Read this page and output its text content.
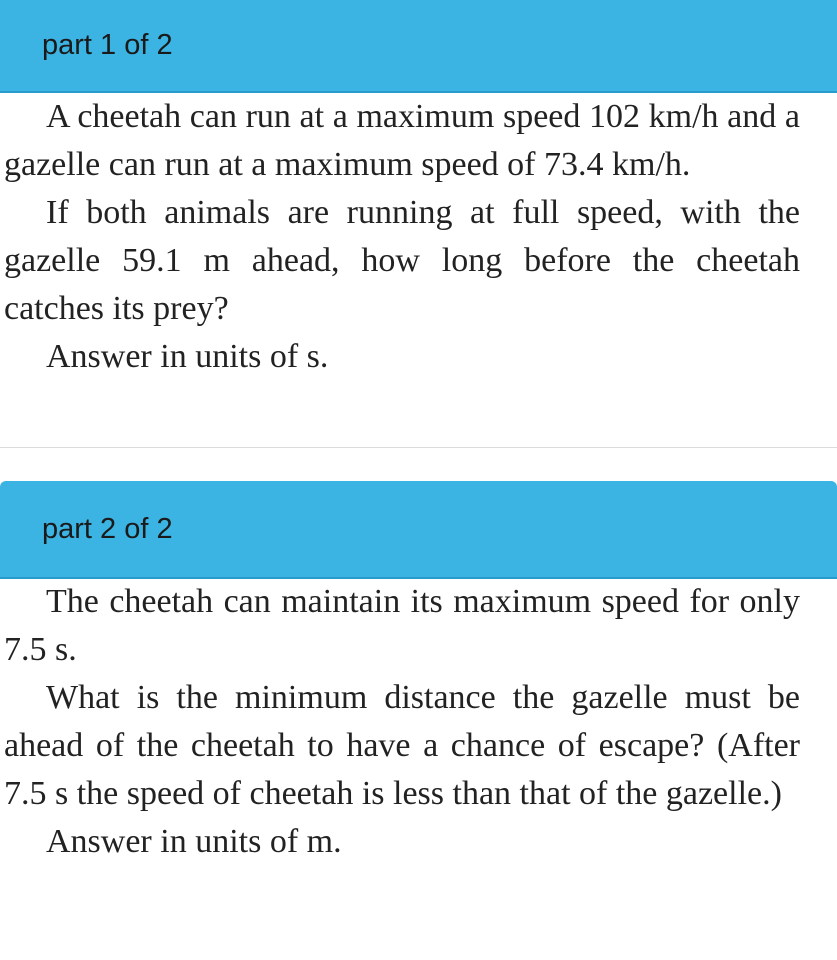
part 1 of 2

A cheetah can run at a maximum speed 102 km/h and a gazelle can run at a maximum speed of 73.4 km/h.

If both animals are running at full speed, with the gazelle 59.1 m ahead, how long before the cheetah catches its prey?

Answer in units of s.

part 2 of 2

The cheetah can maintain its maximum speed for only 7.5 s.

What is the minimum distance the gazelle must be ahead of the cheetah to have a chance of escape? (After 7.5 s the speed of cheetah is less than that of the gazelle.)

Answer in units of m.
